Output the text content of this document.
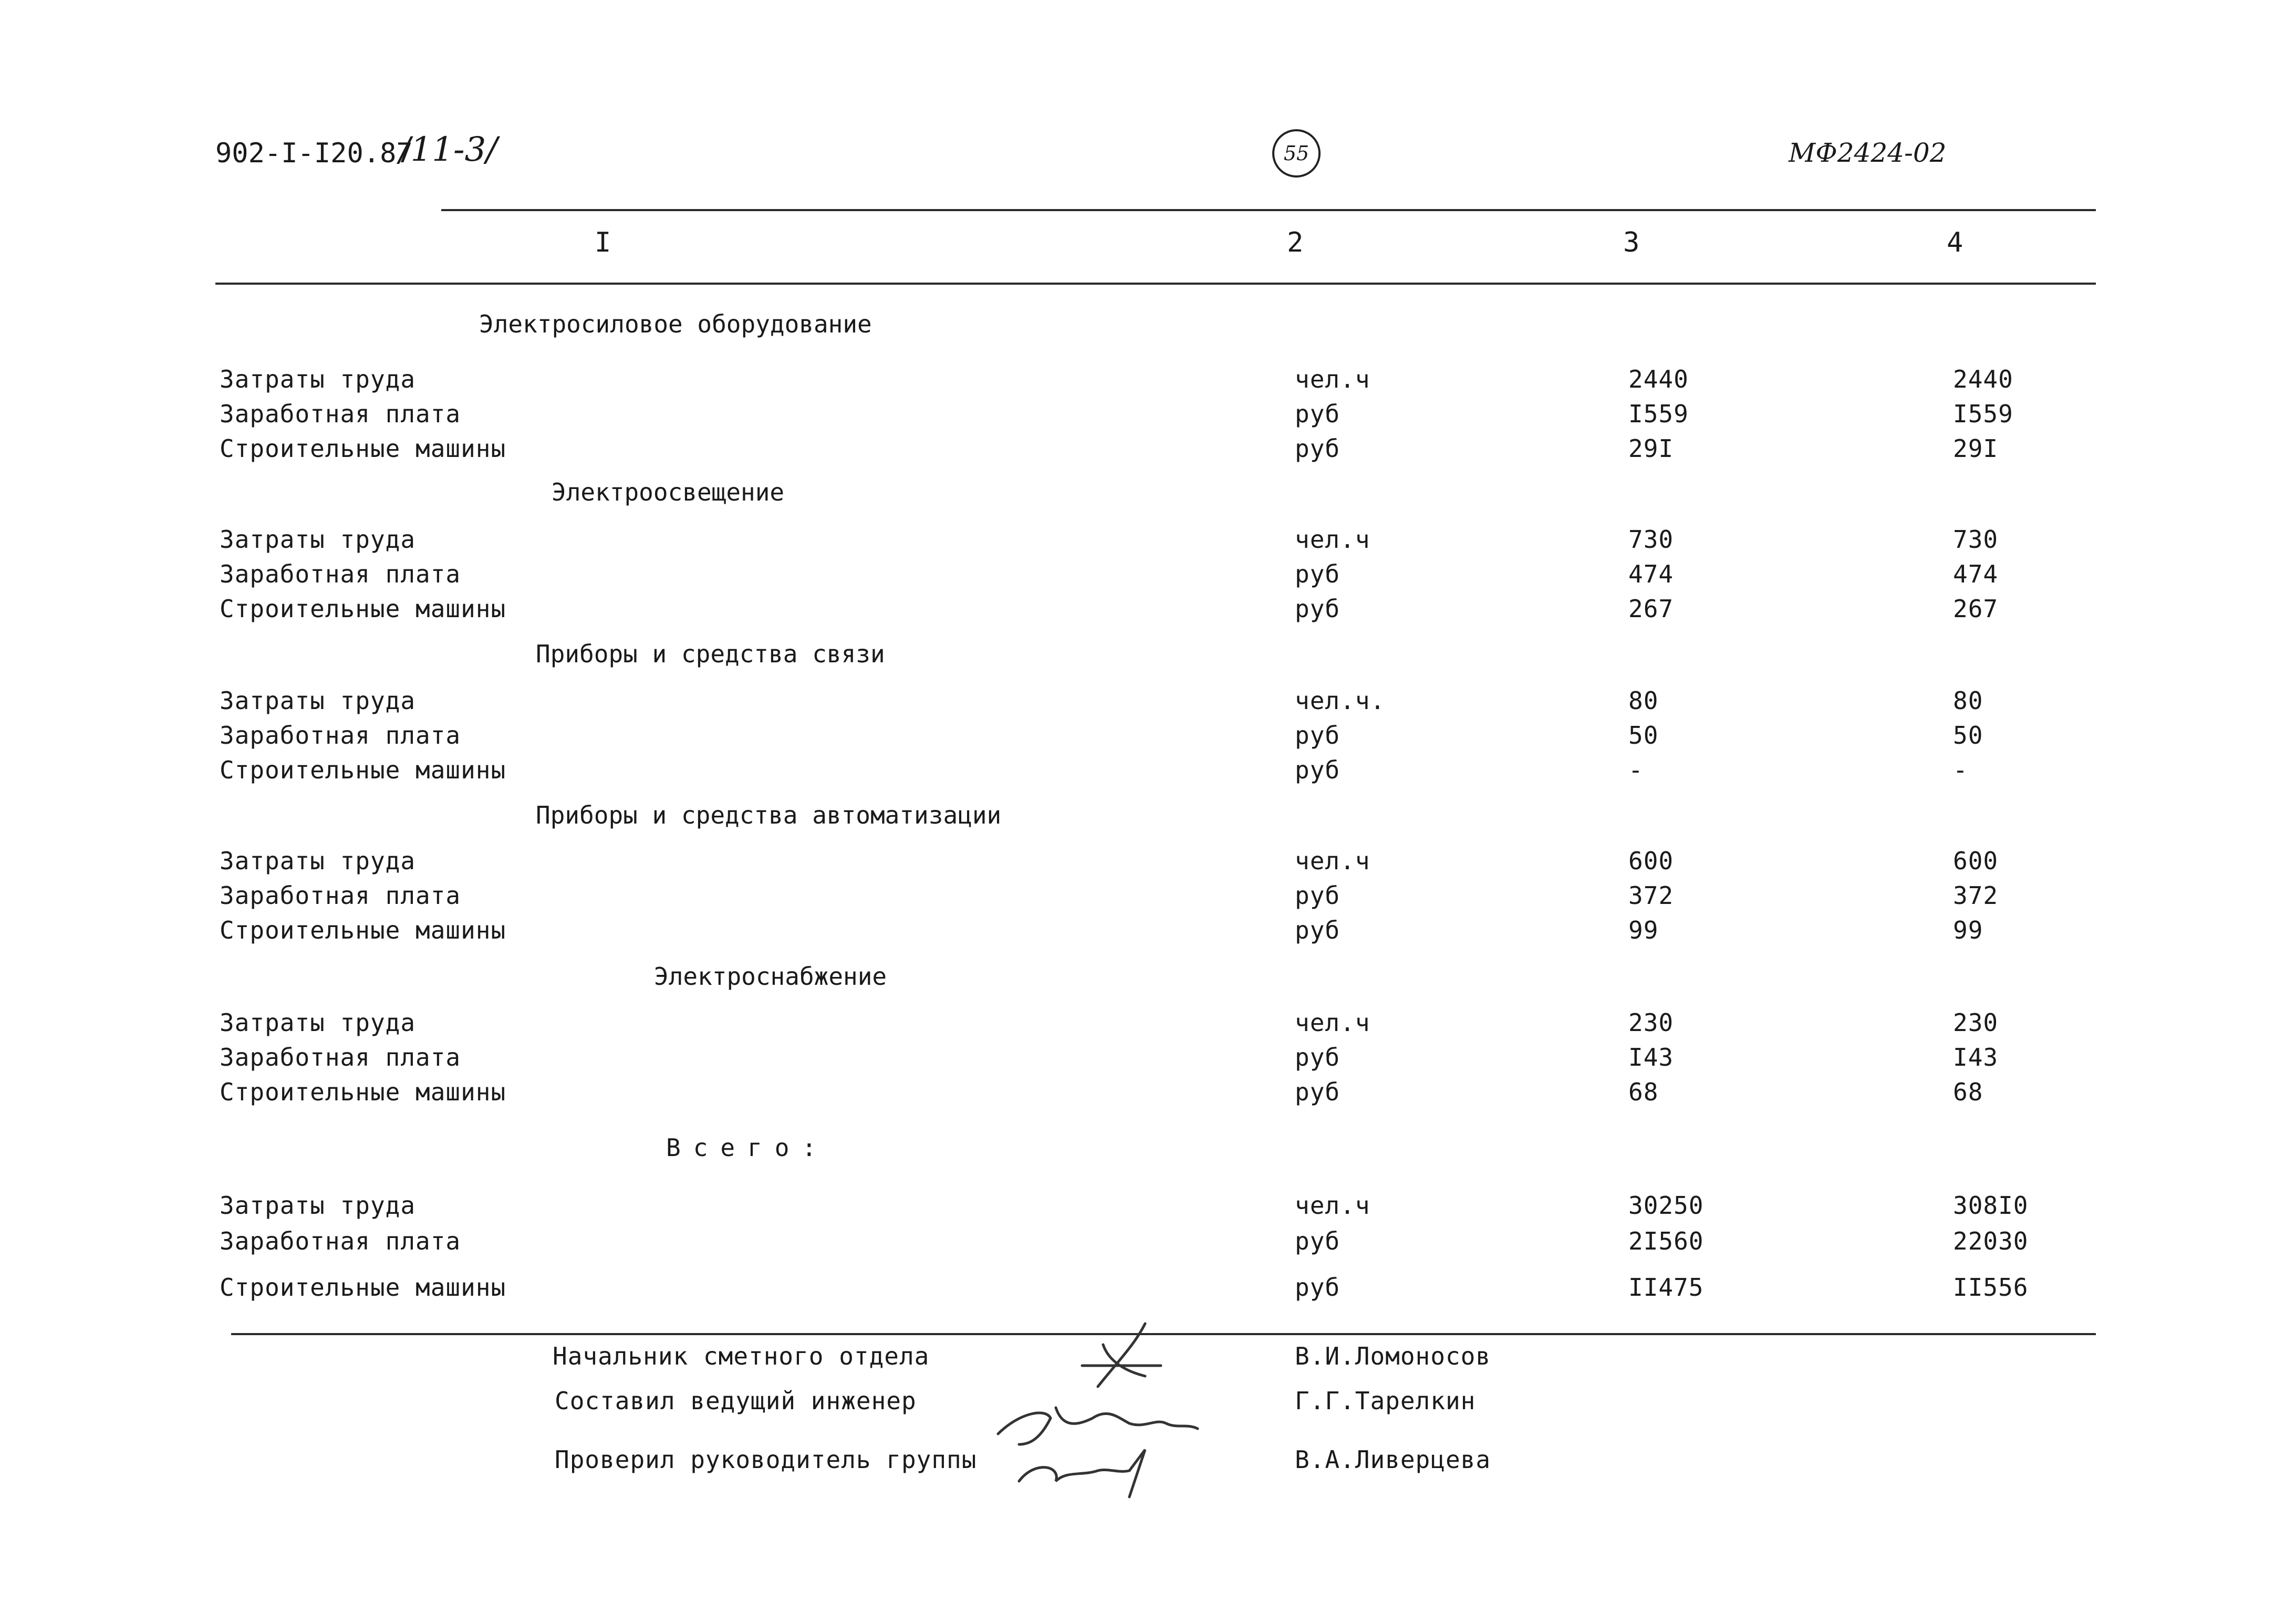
902-I-I20.87
/11-3/	55	МФ2424-02
I	2	3	4
Электросиловое оборудование
Затраты труда	чел.ч	2440	2440
Заработная плата	руб	I559	I559
Строительные машины	руб	29I	29I
Электроосвещение
Затраты труда	чел.ч	730	730
Заработная плата	руб	474	474
Строительные машины	руб	267	267
Приборы и средства связи
Затраты труда	чел.ч.	80	80
Заработная плата	руб	50	50
Строительные машины	руб	-	-
Приборы и средства автоматизации
Затраты труда	чел.ч	600	600
Заработная плата	руб	372	372
Строительные машины	руб	99	99
Электроснабжение
Затраты труда	чел.ч	230	230
Заработная плата	руб	I43	I43
Строительные машины	руб	68	68
Всего:
Затраты труда	чел.ч	30250	308I0
Заработная плата	руб	2I560	22030
Строительные машины	руб	II475	II556
Начальник сметного отдела	В.И.Ломоносов
Составил ведущий инженер	Г.Г.Тарелкин
Проверил руководитель группы	В.А.Ливерцева
